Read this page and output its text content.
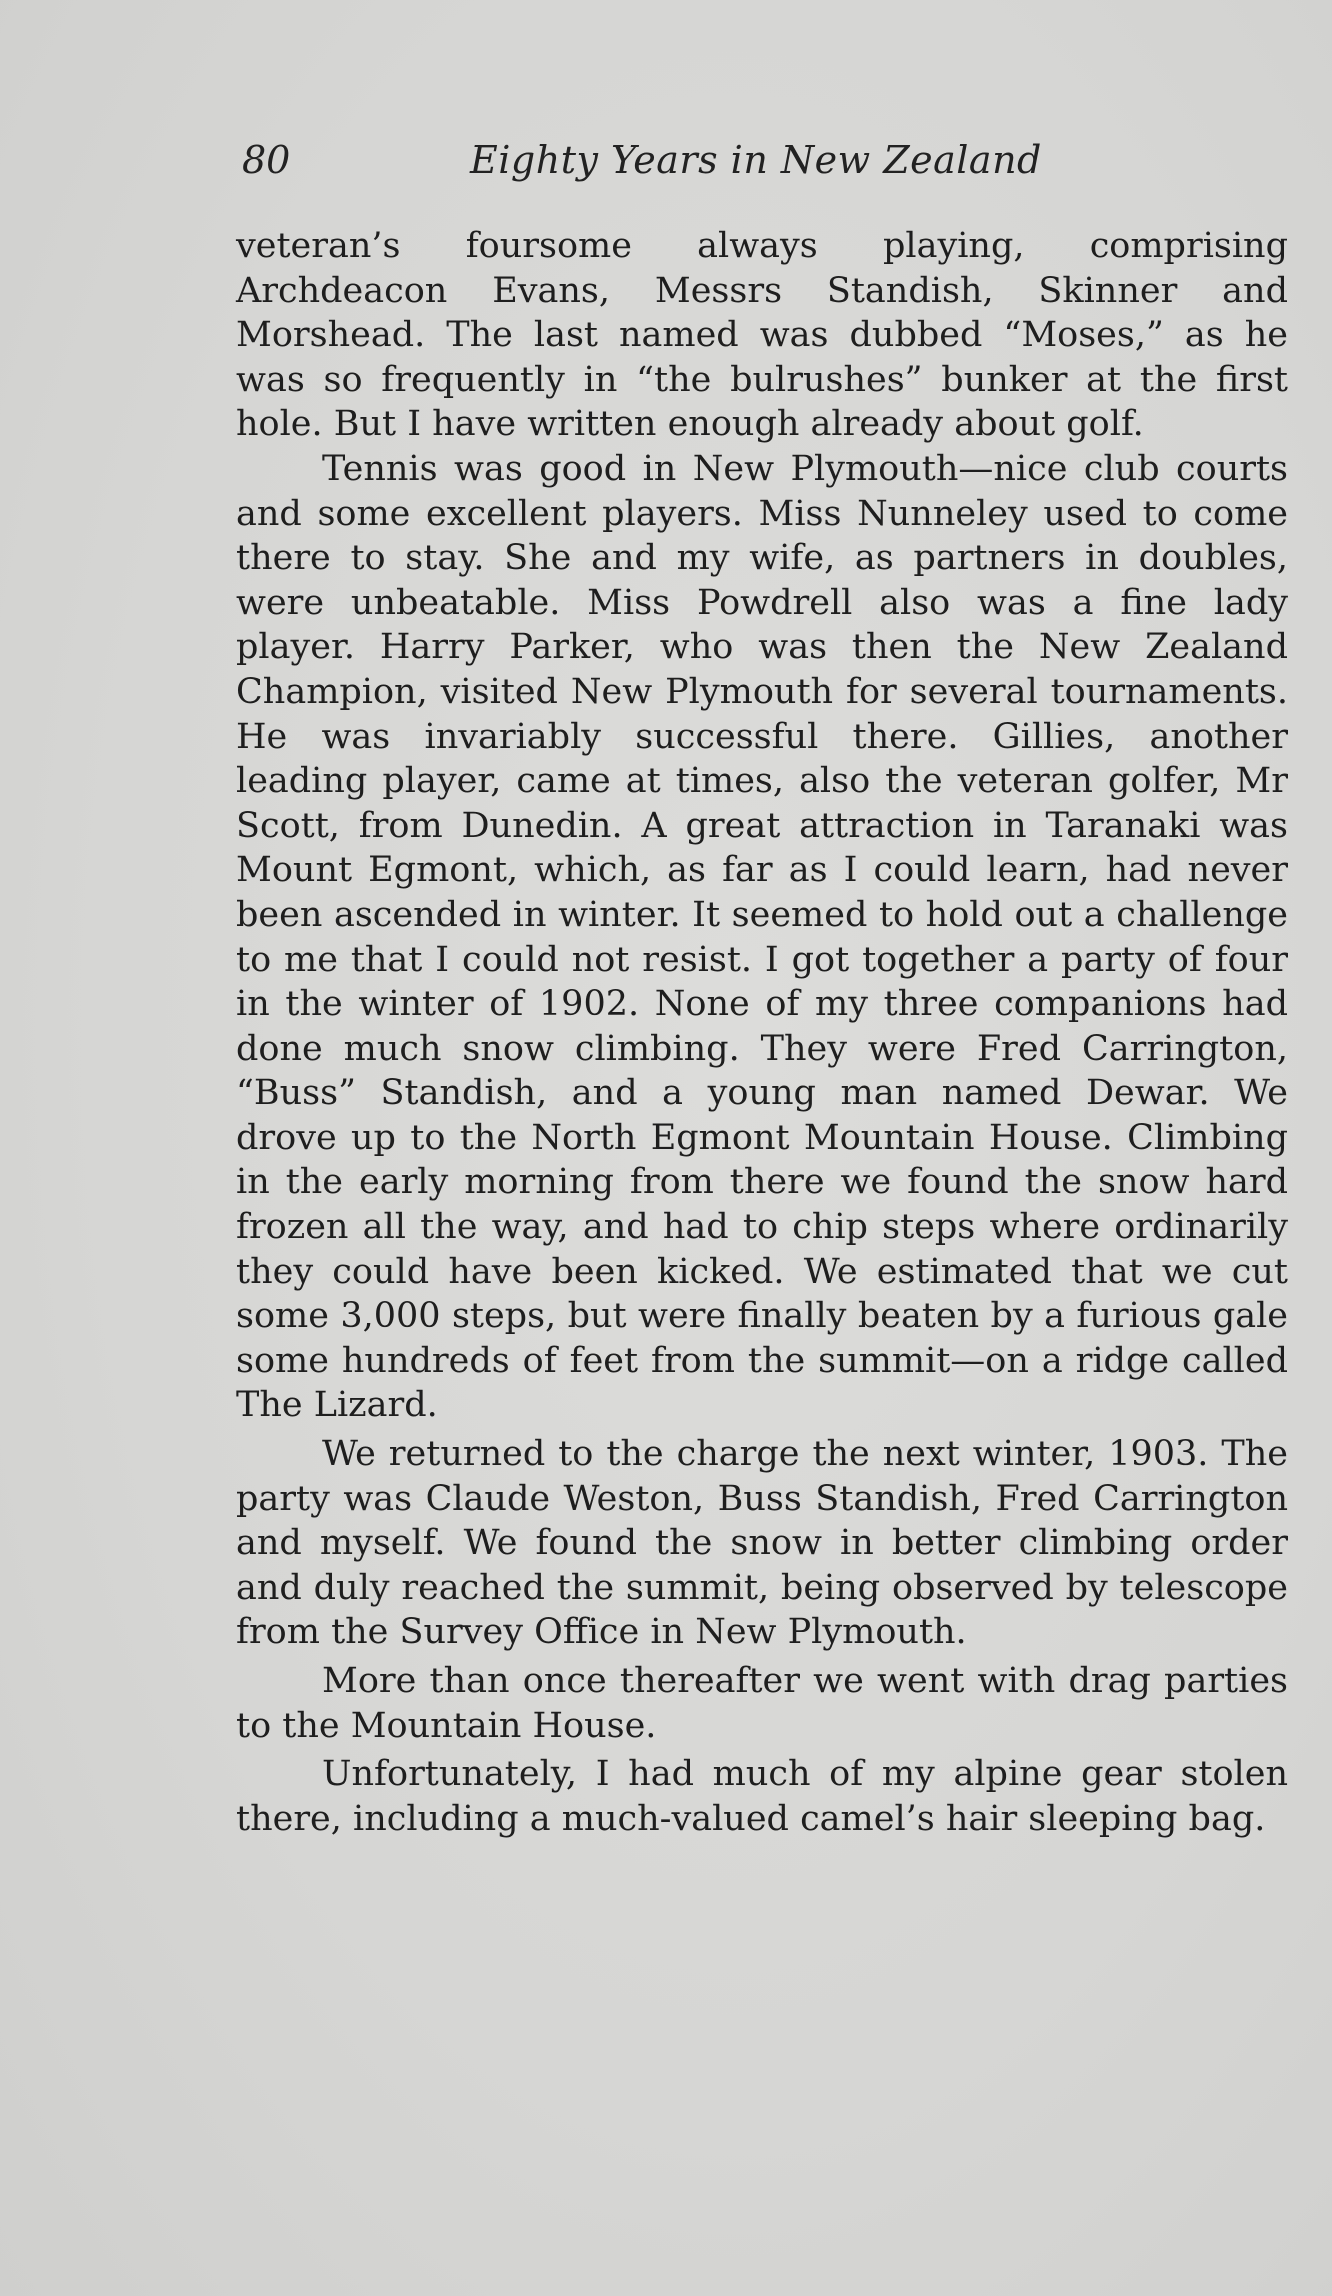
80	Eighty Years in New Zealand

veteran’s foursome always playing, comprising Archdeacon Evans, Messrs Standish, Skinner and Morshead. The last named was dubbed “Moses,” as he was so frequently in “the bulrushes” bunker at the first hole. But I have written enough already about golf.

Tennis was good in New Plymouth—nice club courts and some excellent players. Miss Nunneley used to come there to stay. She and my wife, as partners in doubles, were unbeatable. Miss Powdrell also was a fine lady player. Harry Parker, who was then the New Zealand Champion, visited New Plymouth for several tournaments. He was invariably successful there. Gillies, another leading player, came at times, also the veteran golfer, Mr Scott, from Dunedin. A great attraction in Taranaki was Mount Egmont, which, as far as I could learn, had never been ascended in winter. It seemed to hold out a challenge to me that I could not resist. I got together a party of four in the winter of 1902. None of my three companions had done much snow climbing. They were Fred Carrington, “Buss” Standish, and a young man named Dewar. We drove up to the North Egmont Mountain House. Climbing in the early morning from there we found the snow hard frozen all the way, and had to chip steps where ordinarily they could have been kicked. We estimated that we cut some 3,000 steps, but were finally beaten by a furious gale some hundreds of feet from the summit—on a ridge called The Lizard.

We returned to the charge the next winter, 1903. The party was Claude Weston, Buss Standish, Fred Carrington and myself. We found the snow in better climbing order and duly reached the summit, being observed by telescope from the Survey Office in New Plymouth.

More than once thereafter we went with drag parties to the Mountain House.

Unfortunately, I had much of my alpine gear stolen there, including a much-valued camel’s hair sleeping bag.
